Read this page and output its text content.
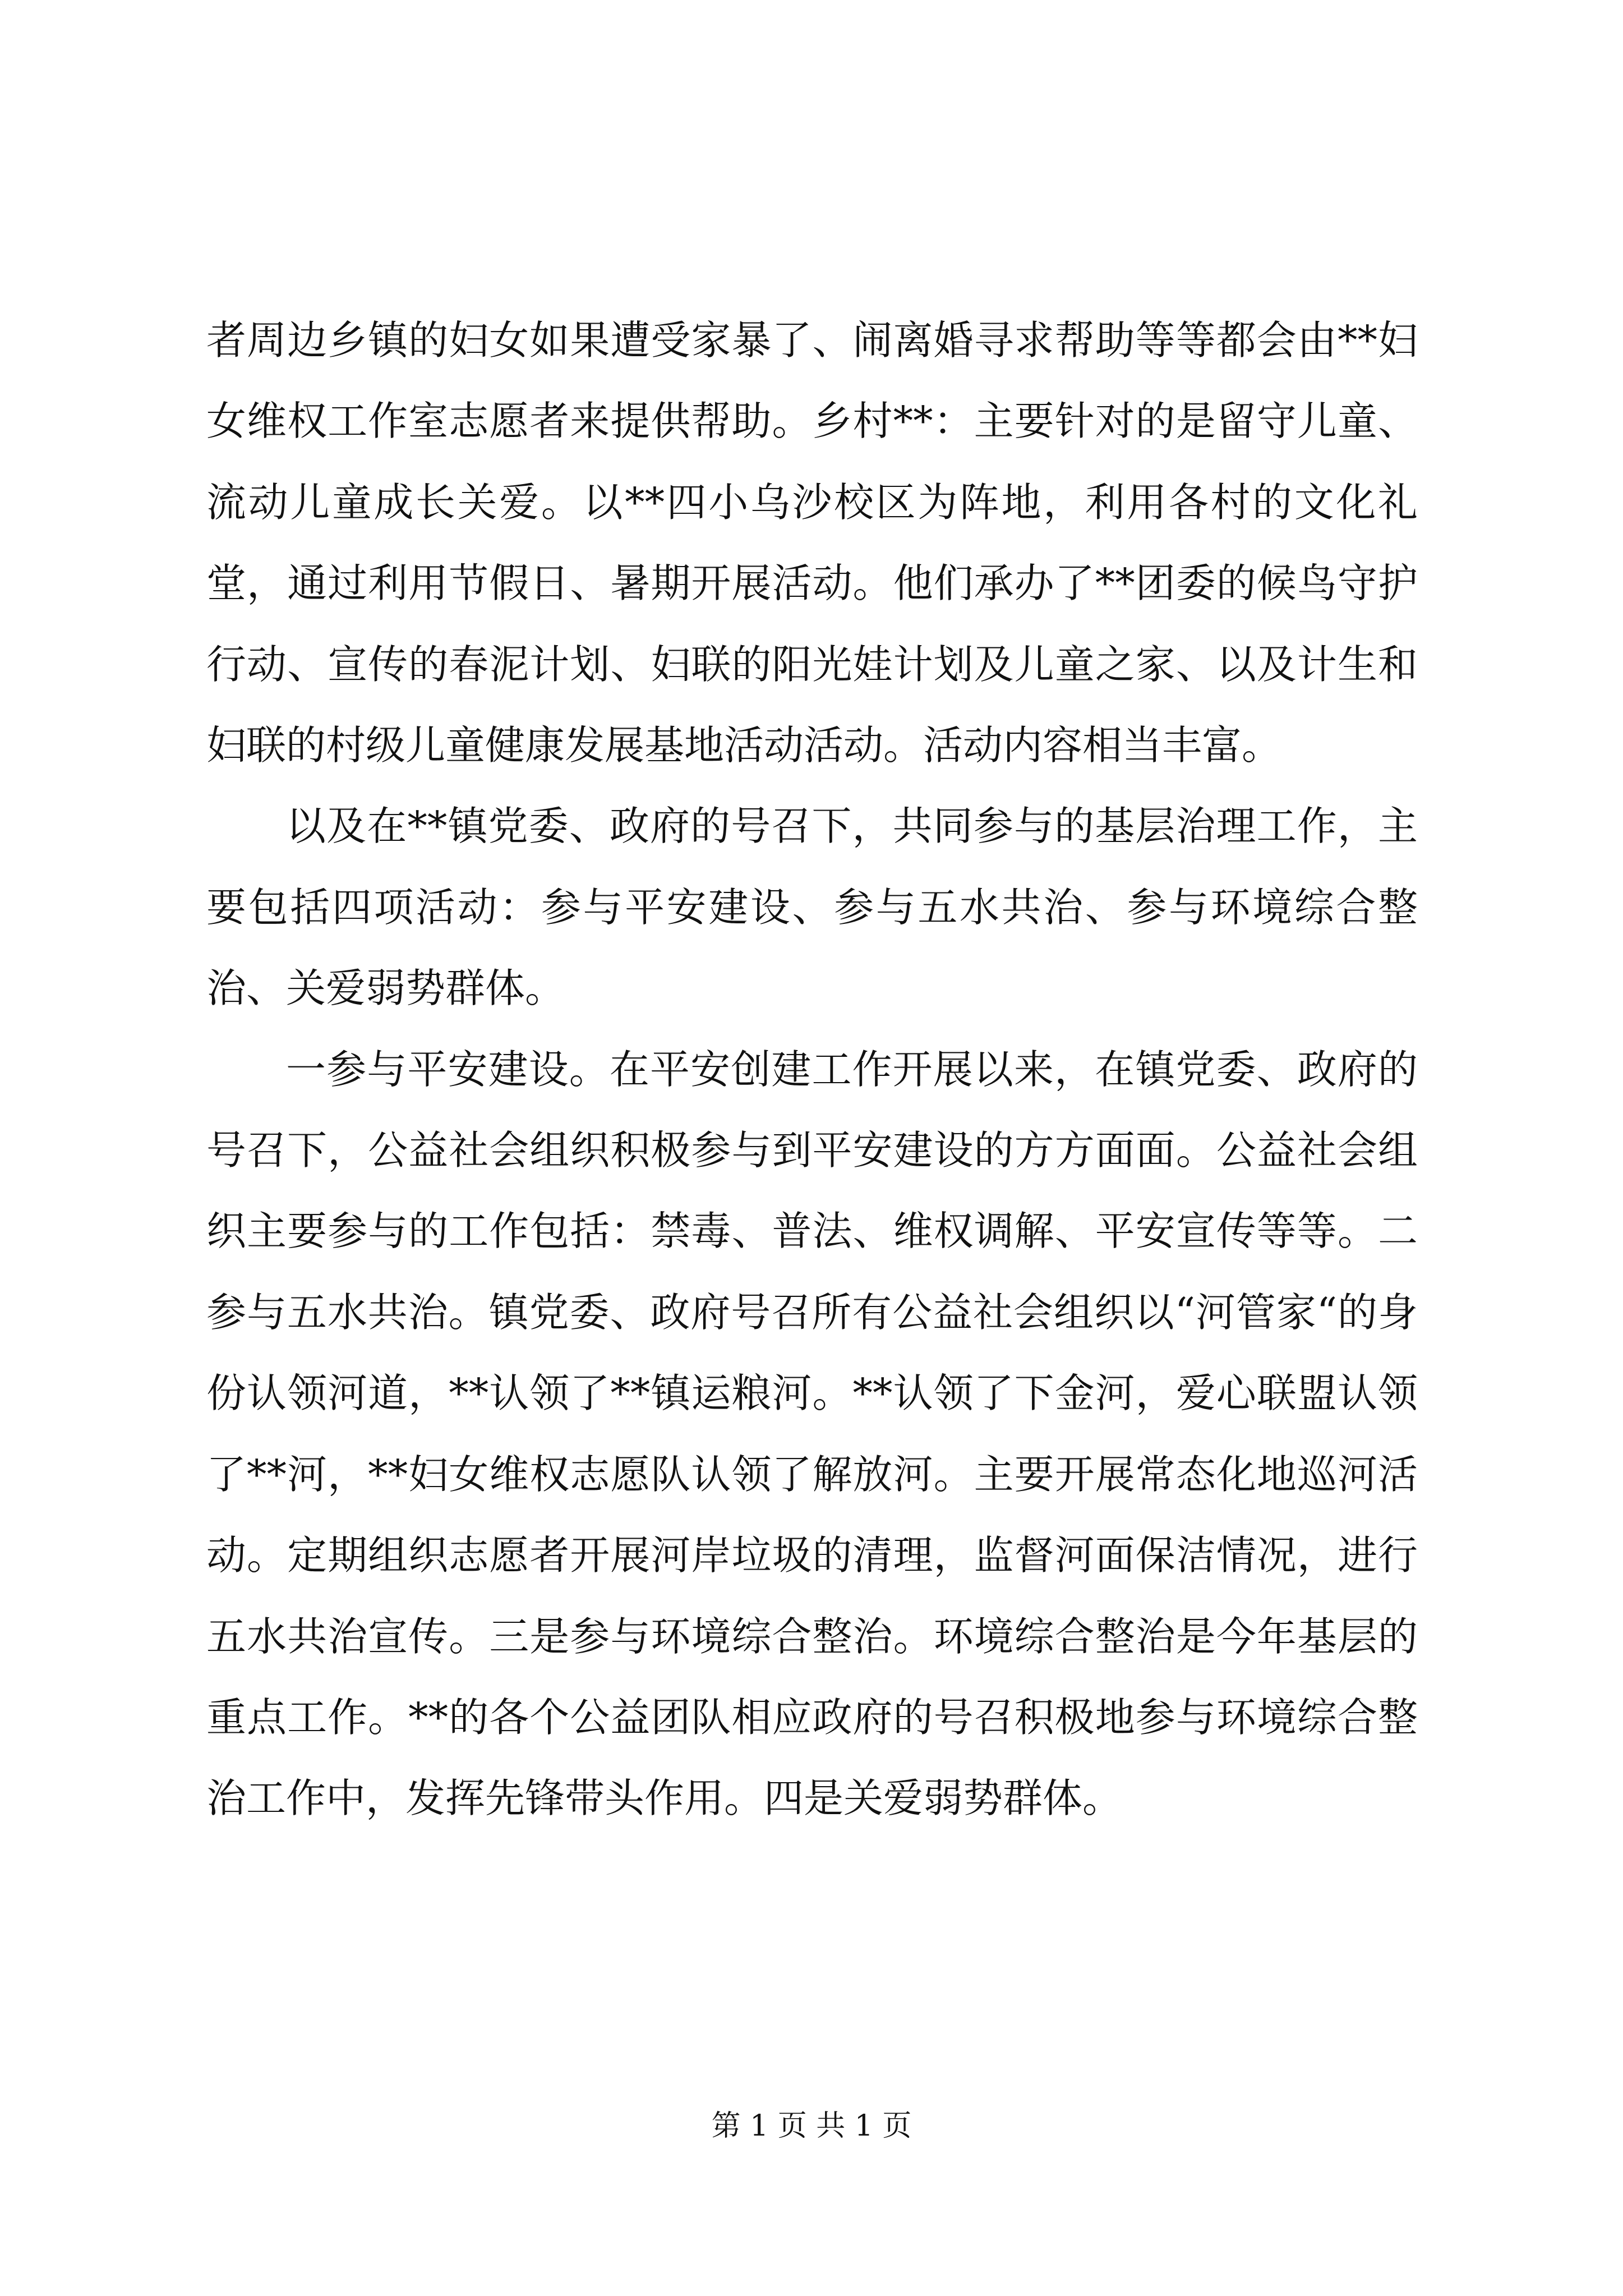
者周边乡镇的妇女如果遭受家暴了、闹离婚寻求帮助等等都会由**妇女维权工作室志愿者来提供帮助。乡村**：主要针对的是留守儿童、流动儿童成长关爱。以**四小乌沙校区为阵地，利用各村的文化礼堂，通过利用节假日、暑期开展活动。他们承办了**团委的候鸟守护行动、宣传的春泥计划、妇联的阳光娃计划及儿童之家、以及计生和妇联的村级儿童健康发展基地活动活动。活动内容相当丰富。

以及在**镇党委、政府的号召下，共同参与的基层治理工作，主要包括四项活动：参与平安建设、参与五水共治、参与环境综合整治、关爱弱势群体。

一参与平安建设。在平安创建工作开展以来，在镇党委、政府的号召下，公益社会组织积极参与到平安建设的方方面面。公益社会组织主要参与的工作包括：禁毒、普法、维权调解、平安宣传等等。二参与五水共治。镇党委、政府号召所有公益社会组织以“河管家“的身份认领河道，**认领了**镇运粮河。**认领了下金河，爱心联盟认领了**河，**妇女维权志愿队认领了解放河。主要开展常态化地巡河活动。定期组织志愿者开展河岸垃圾的清理，监督河面保洁情况，进行五水共治宣传。三是参与环境综合整治。环境综合整治是今年基层的重点工作。**的各个公益团队相应政府的号召积极地参与环境综合整治工作中，发挥先锋带头作用。四是关爱弱势群体。

第 1 页 共 1 页
